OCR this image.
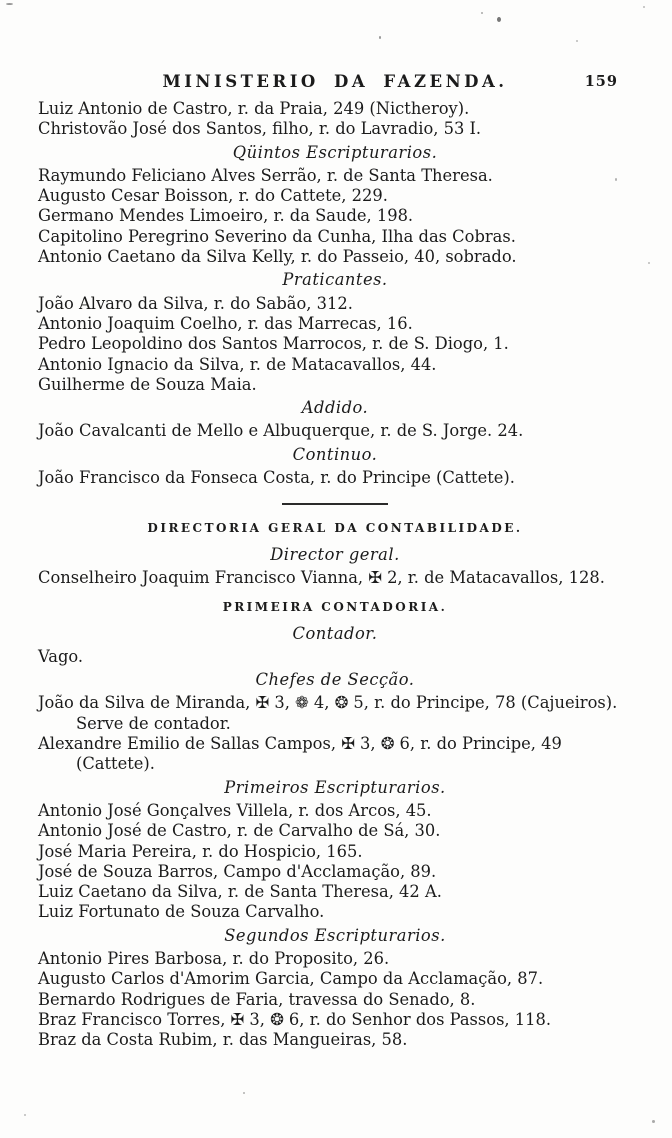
MINISTERIO DA FAZENDA.	159
Luiz Antonio de Castro, r. da Praia, 249 (Nictheroy).
Christovão José dos Santos, filho, r. do Lavradio, 53 I.
Qüintos Escripturarios.
Raymundo Feliciano Alves Serrão, r. de Santa Theresa.
Augusto Cesar Boisson, r. do Cattete, 229.
Germano Mendes Limoeiro, r. da Saude, 198.
Capitolino Peregrino Severino da Cunha, Ilha das Cobras.
Antonio Caetano da Silva Kelly, r. do Passeio, 40, sobrado.
Praticantes.
João Alvaro da Silva, r. do Sabão, 312.
Antonio Joaquim Coelho, r. das Marrecas, 16.
Pedro Leopoldino dos Santos Marrocos, r. de S. Diogo, 1.
Antonio Ignacio da Silva, r. de Matacavallos, 44.
Guilherme de Souza Maia.
Addido.
João Cavalcanti de Mello e Albuquerque, r. de S. Jorge. 24.
Continuo.
João Francisco da Fonseca Costa, r. do Principe (Cattete).
DIRECTORIA GERAL DA CONTABILIDADE.
Director geral.
Conselheiro Joaquim Francisco Vianna, ✠ 2, r. de Matacavallos, 128.
PRIMEIRA CONTADORIA.
Contador.
Vago.
Chefes de Secção.
João da Silva de Miranda, ✠ 3, ❁ 4, ❂ 5, r. do Principe, 78 (Cajueiros).
Serve de contador.
Alexandre Emilio de Sallas Campos, ✠ 3, ❂ 6, r. do Principe, 49
(Cattete).
Primeiros Escripturarios.
Antonio José Gonçalves Villela, r. dos Arcos, 45.
Antonio José de Castro, r. de Carvalho de Sá, 30.
José Maria Pereira, r. do Hospicio, 165.
José de Souza Barros, Campo d'Acclamação, 89.
Luiz Caetano da Silva, r. de Santa Theresa, 42 A.
Luiz Fortunato de Souza Carvalho.
Segundos Escripturarios.
Antonio Pires Barbosa, r. do Proposito, 26.
Augusto Carlos d'Amorim Garcia, Campo da Acclamação, 87.
Bernardo Rodrigues de Faria, travessa do Senado, 8.
Braz Francisco Torres, ✠ 3, ❂ 6, r. do Senhor dos Passos, 118.
Braz da Costa Rubim, r. das Mangueiras, 58.
